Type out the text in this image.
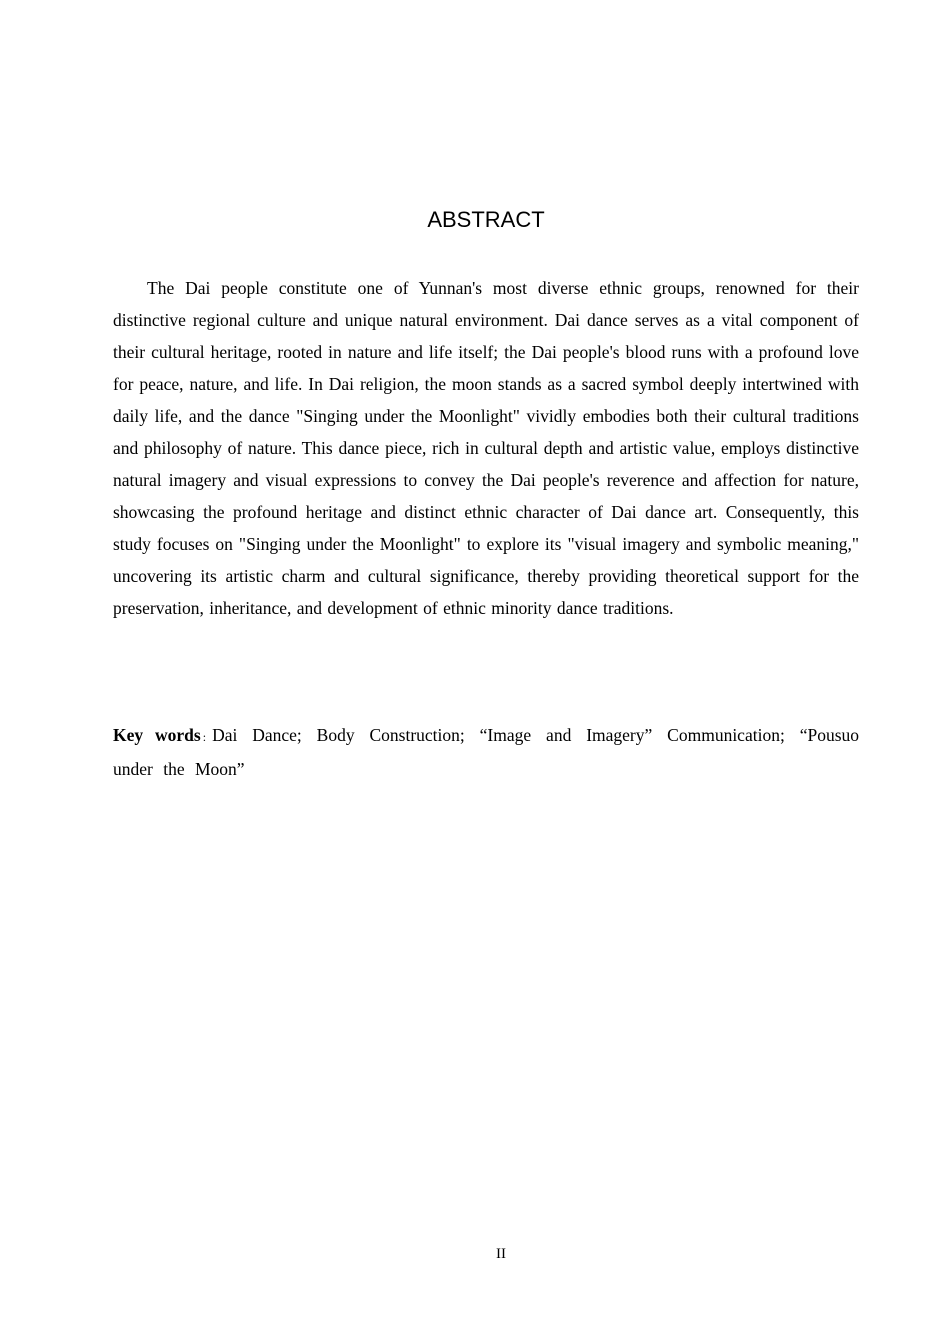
ABSTRACT

The Dai people constitute one of Yunnan's most diverse ethnic groups, renowned for their distinctive regional culture and unique natural environment. Dai dance serves as a vital component of their cultural heritage, rooted in nature and life itself; the Dai people's blood runs with a profound love for peace, nature, and life. In Dai religion, the moon stands as a sacred symbol deeply intertwined with daily life, and the dance "Singing under the Moonlight" vividly embodies both their cultural traditions and philosophy of nature. This dance piece, rich in cultural depth and artistic value, employs distinctive natural imagery and visual expressions to convey the Dai people's reverence and affection for nature, showcasing the profound heritage and distinct ethnic character of Dai dance art. Consequently, this study focuses on "Singing under the Moonlight" to explore its "visual imagery and symbolic meaning," uncovering its artistic charm and cultural significance, thereby providing theoretical support for the preservation, inheritance, and development of ethnic minority dance traditions.

Key words : Dai Dance; Body Construction; “Image and Imagery” Communication; “Pousuo under the Moon”

II
